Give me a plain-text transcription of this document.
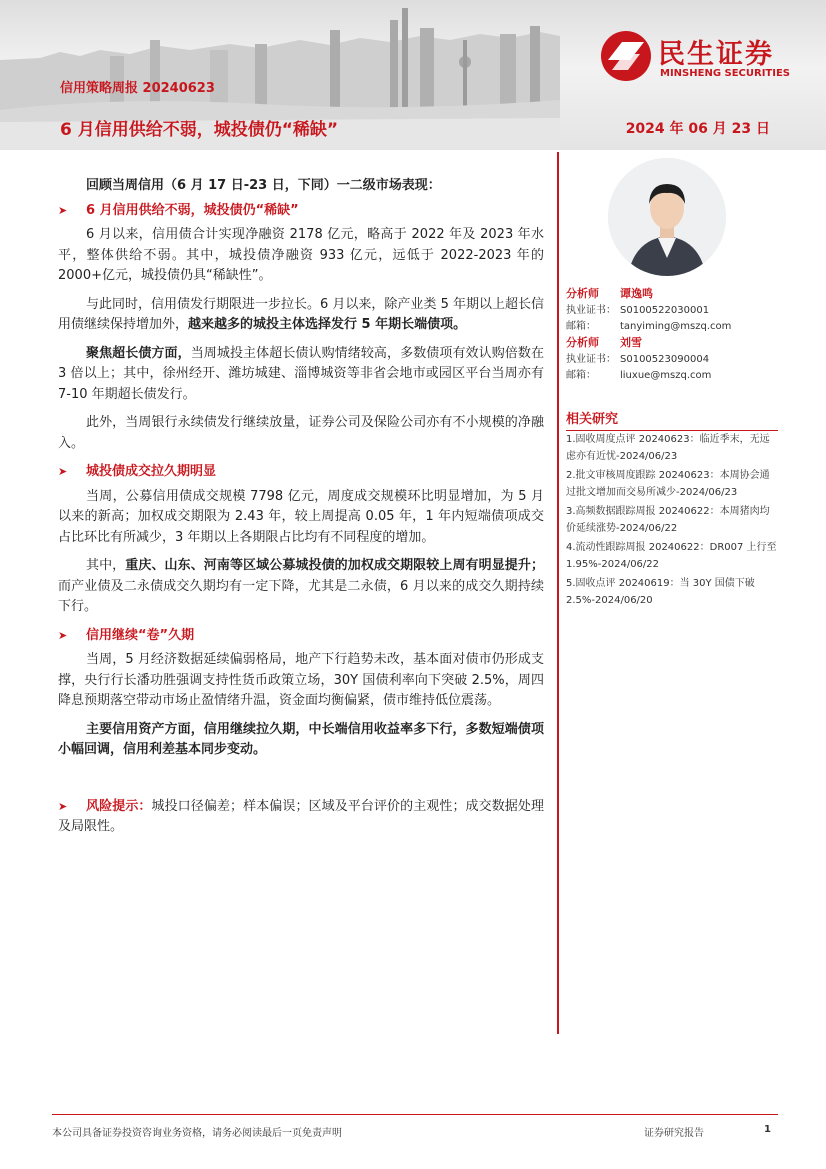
信用策略周报 20240623
6 月信用供给不弱，城投债仍“稀缺”	2024 年 06 月 23 日
民生证券
MINSHENG SECURITIES

回顾当周信用（6 月 17 日-23 日，下同）一二级市场表现：

➤	6 月信用供给不弱，城投债仍“稀缺”

6 月以来，信用债合计实现净融资 2178 亿元，略高于 2022 年及 2023 年水平，整体供给不弱。其中，城投债净融资 933 亿元，远低于 2022-2023 年的2000+亿元，城投债仍具“稀缺性”。

与此同时，信用债发行期限进一步拉长。6 月以来，除产业类 5 年期以上超长信用债继续保持增加外，越来越多的城投主体选择发行 5 年期长端债项。

聚焦超长债方面，当周城投主体超长债认购情绪较高，多数债项有效认购倍数在 3 倍以上；其中，徐州经开、潍坊城建、淄博城资等非省会地市或园区平台当周亦有 7-10 年期超长债发行。

此外，当周银行永续债发行继续放量，证券公司及保险公司亦有不小规模的净融入。

➤	城投债成交拉久期明显

当周，公募信用债成交规模 7798 亿元，周度成交规模环比明显增加，为 5 月以来的新高；加权成交期限为 2.43 年，较上周提高 0.05 年，1 年内短端债项成交占比环比有所减少，3 年期以上各期限占比均有不同程度的增加。

其中，重庆、山东、河南等区域公募城投债的加权成交期限较上周有明显提升；而产业债及二永债成交久期均有一定下降，尤其是二永债，6 月以来的成交久期持续下行。

➤	信用继续“卷”久期

当周，5 月经济数据延续偏弱格局，地产下行趋势未改，基本面对债市仍形成支撑，央行行长潘功胜强调支持性货币政策立场，30Y 国债利率向下突破 2.5%，周四降息预期落空带动市场止盈情绪升温，资金面均衡偏紧，债市维持低位震荡。

主要信用资产方面，信用继续拉久期，中长端信用收益率多下行，多数短端债项小幅回调，信用利差基本同步变动。

➤ 风险提示：城投口径偏差；样本偏误；区域及平台评价的主观性；成交数据处理及局限性。

分析师 谭逸鸣
执业证书： S0100522030001
邮箱： tanyiming@mszq.com
分析师 刘雪
执业证书： S0100523090004
邮箱： liuxue@mszq.com
相关研究
1.固收周度点评 20240623：临近季末，无远虑亦有近忧-2024/06/23
2.批文审核周度跟踪 20240623：本周协会通过批文增加而交易所减少-2024/06/23
3.高频数据跟踪周报 20240622：本周猪肉均价延续涨势-2024/06/22
4.流动性跟踪周报 20240622：DR007 上行至 1.95%-2024/06/22
5.固收点评 20240619：当 30Y 国债下破 2.5%-2024/06/20
本公司具备证券投资咨询业务资格，请务必阅读最后一页免责声明	证券研究报告	1
